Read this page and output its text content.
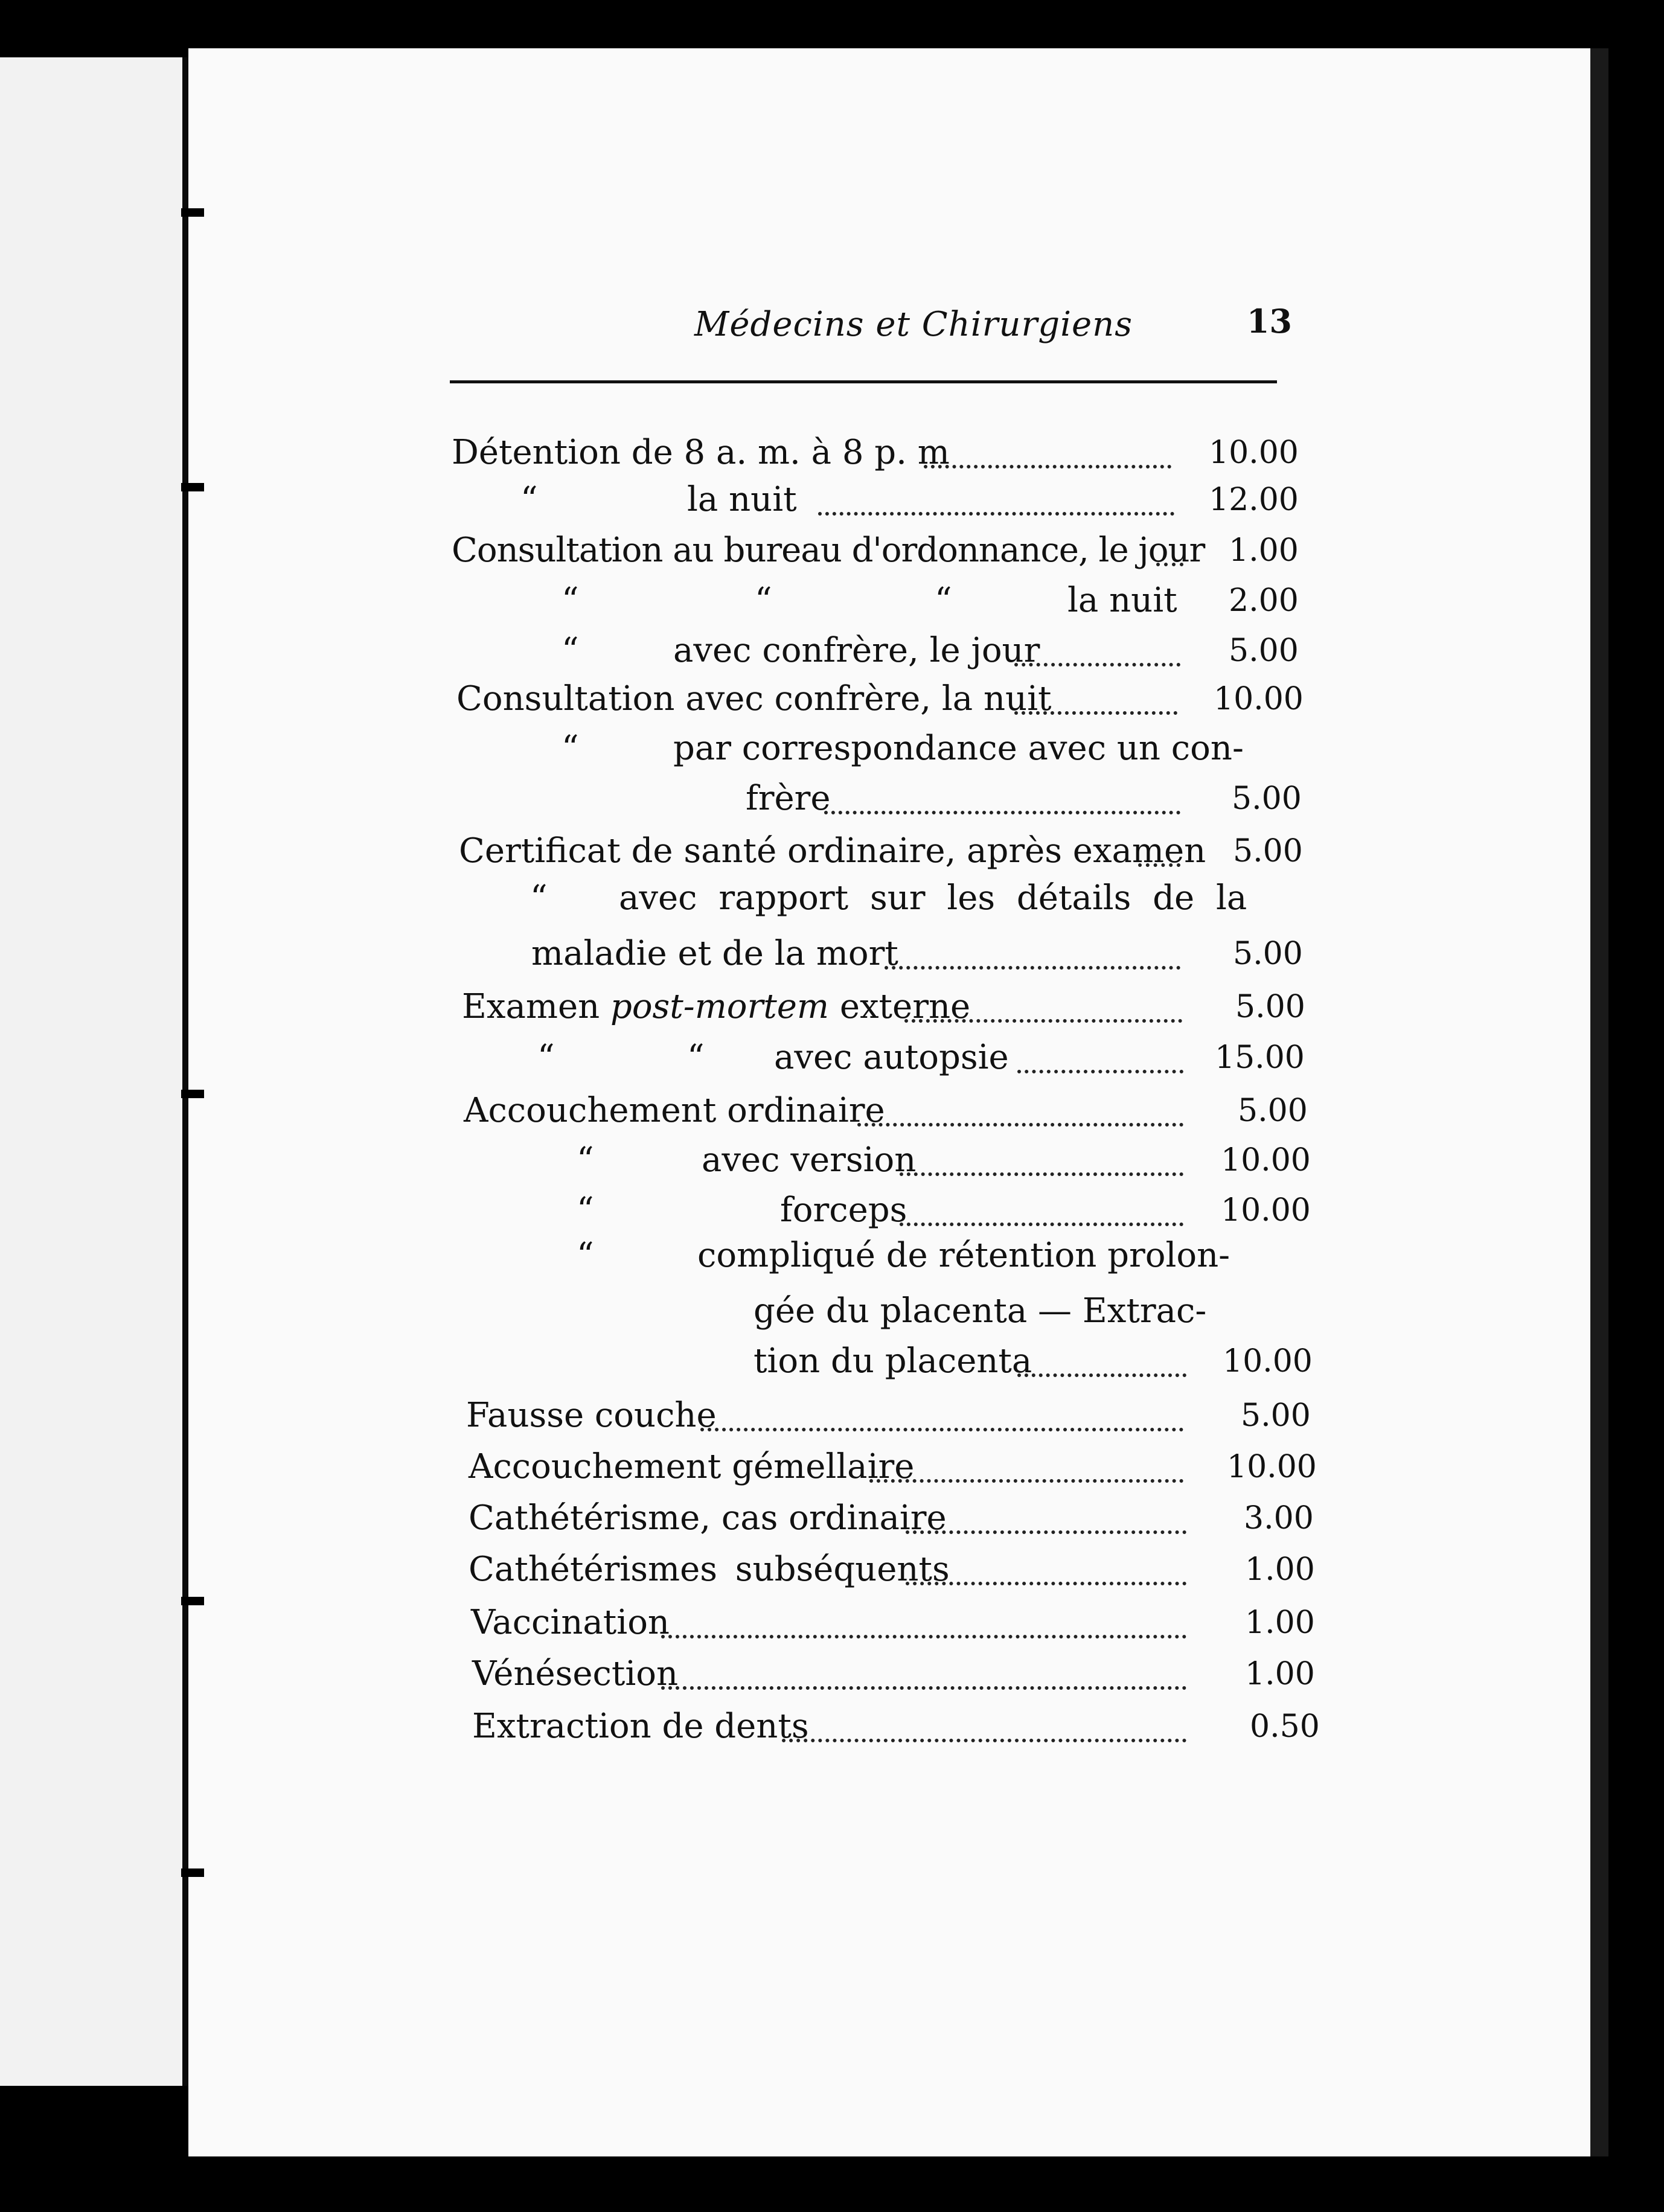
Médecins et Chirurgiens	13
Détention de 8 a. m. à 8 p. m	10.00
“	la nuit	12.00
Consultation au bureau d'ordonnance, le jour 1.00
“	“	“	la nuit 2.00
“	avec confrère, le jour	5.00
Consultation avec confrère, la nuit	10.00
“	par correspondance avec un con-
frère	5.00
Certificat de santé ordinaire, après examen 5.00
“ avec rapport sur les détails de la
maladie et de la mort	5.00
Examen post-mortem externe	5.00
“	“ avec autopsie	15.00
Accouchement ordinaire	5.00
“	avec version	10.00
“	forceps	10.00
“	compliqué de rétention prolon-
gée du placenta — Extrac-
tion du placenta	10.00
Fausse couche	5.00
Accouchement gémellaire	10.00
Cathétérisme, cas ordinaire	3.00
Cathétérismes subséquents	1.00
Vaccination	1.00
Vénésection	1.00
Extraction de dents	0.50
